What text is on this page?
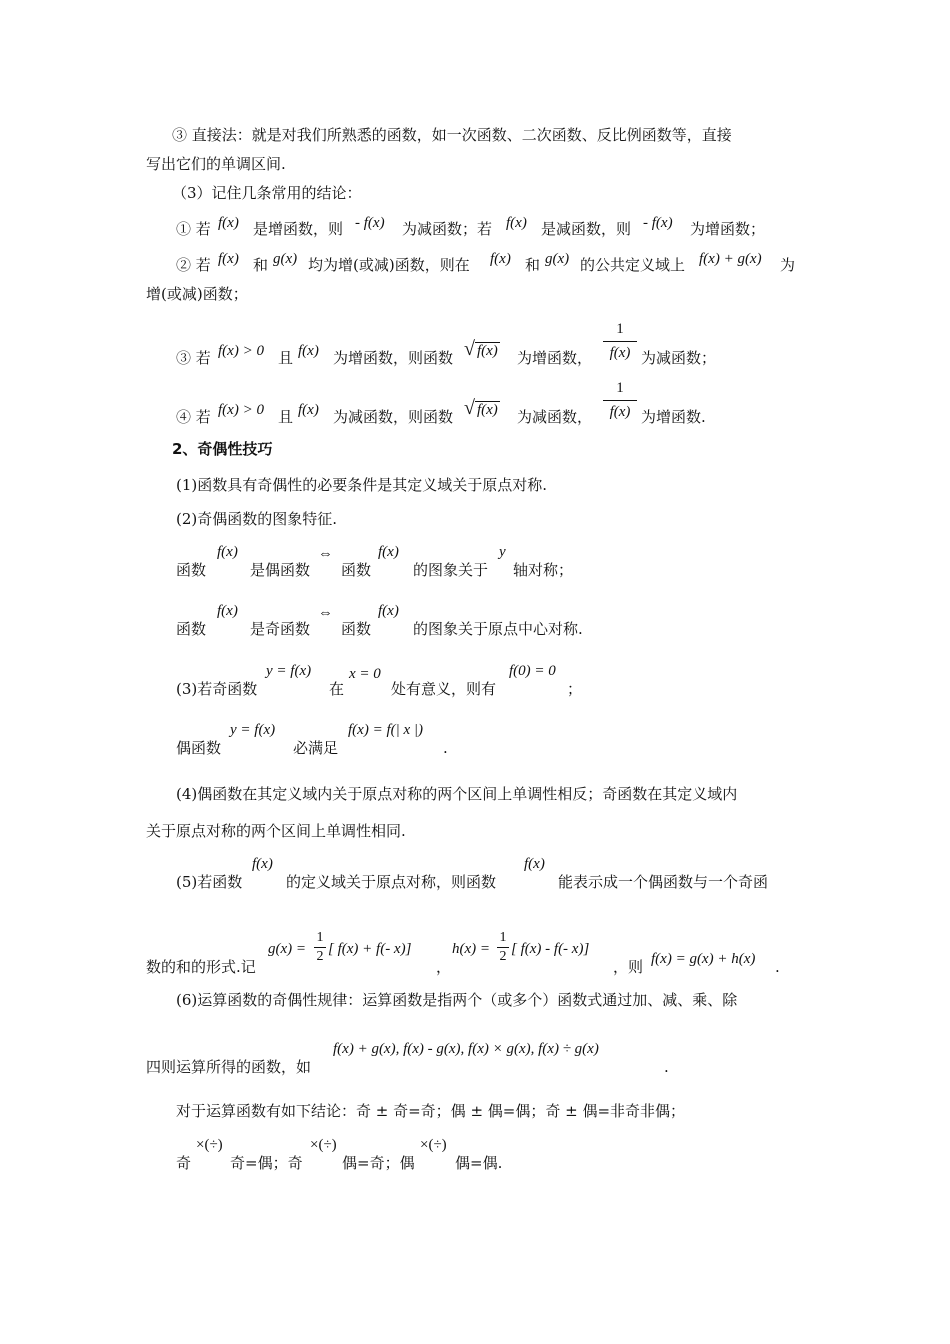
③ 直接法：就是对我们所熟悉的函数，如一次函数、二次函数、反比例函数等，直接
写出它们的单调区间.
（3）记住几条常用的结论：
① 若 f(x) 是增函数，则 - f(x) 为减函数；若 f(x) 是减函数，则 - f(x) 为增函数；
② 若 f(x) 和 g(x) 均为增(或减)函数，则在 f(x) 和 g(x) 的公共定义域上 f(x) + g(x) 为
增(或减)函数；
③ 若 f(x) > 0 且 f(x) 为增函数，则函数 √ f(x) 为增函数，
1
f(x) 为减函数；
④ 若 f(x) > 0 且 f(x) 为减函数，则函数 √ f(x) 为减函数，
1
f(x) 为增函数.
2、奇偶性技巧
(1)函数具有奇偶性的必要条件是其定义域关于原点对称.
(2)奇偶函数的图象特征.
函数
f(x)
是偶函数
⇔
函数
f(x)
的图象关于
y
轴对称；
函数
f(x)
是奇函数
⇔
函数
f(x)
的图象关于原点中心对称.
(3)若奇函数
y = f(x)
在
x = 0
处有意义，则有
f(0) = 0
；
偶函数
y = f(x)
必满足
f(x) = f(| x |)
.
(4)偶函数在其定义域内关于原点对称的两个区间上单调性相反；奇函数在其定义域内
关于原点对称的两个区间上单调性相同.
(5)若函数
f(x)
的定义域关于原点对称，则函数
f(x)
能表示成一个偶函数与一个奇函
数的和的形式.记
g(x) =
1
2 [ f(x) + f(- x)]
，
h(x) =
1
2 [ f(x) - f(- x)]
，则 f(x) = g(x) + h(x) .
(6)运算函数的奇偶性规律：运算函数是指两个（或多个）函数式通过加、减、乘、除
四则运算所得的函数，如
f(x) + g(x), f(x) - g(x), f(x) × g(x), f(x) ÷ g(x)
.
对于运算函数有如下结论：奇 ± 奇=奇；偶 ± 偶=偶；奇 ± 偶=非奇非偶；
奇
×(÷)
奇=偶；奇
×(÷)
偶=奇；偶
×(÷)
偶=偶.
